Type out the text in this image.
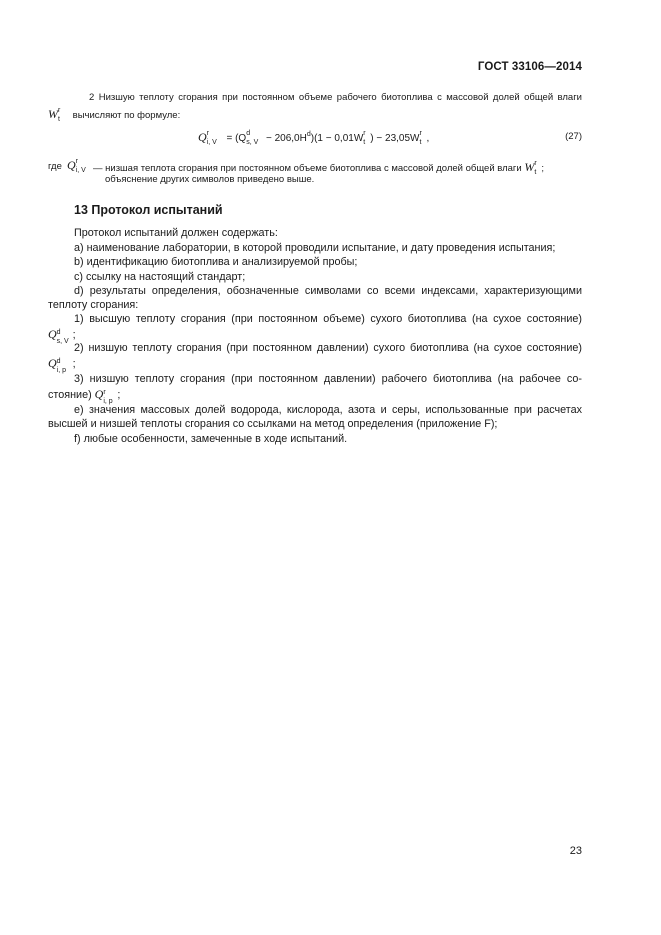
ГОСТ 33106—2014
2 Низшую теплоту сгорания при постоянном объеме рабочего биотоплива с массовой долей общей влаги
W r
t вычисляют по формуле:
Q r
i, V = (Q d
s, $V - 206,0H^d)(1 - 0,01W$ r
t ) − 23,05W r
t ,	(27)
где Q r
i, V — низшая теплота сгорания при постоянном объеме биотоплива с массовой долей общей влаги W r
t ;
объяснение других символов приведено выше.
13 Протокол испытаний
Протокол испытаний должен содержать:
a) наименование лаборатории, в которой проводили испытание, и дату проведения испытания;
b) идентификацию биотоплива и анализируемой пробы;
c) ссылку на настоящий стандарт;
d) результаты определения, обозначенные символами со всеми индексами, характеризующими
теплоту сгорания:
1) высшую теплоту сгорания (при постоянном объеме) сухого биотоплива (на сухое состояние)
Q d
s, V
;
2) низшую теплоту сгорания (при постоянном давлении) сухого биотоплива (на сухое состояние)
Q d
i, p
;
3) низшую теплоту сгорания (при постоянном давлении) рабочего биотоплива (на рабочее со-
стояние) Q r
i, p
;
e) значения массовых долей водорода, кислорода, азота и серы, использованные при расчетах
высшей и низшей теплоты сгорания со ссылками на метод определения (приложение F);
f) любые особенности, замеченные в ходе испытаний.
23
